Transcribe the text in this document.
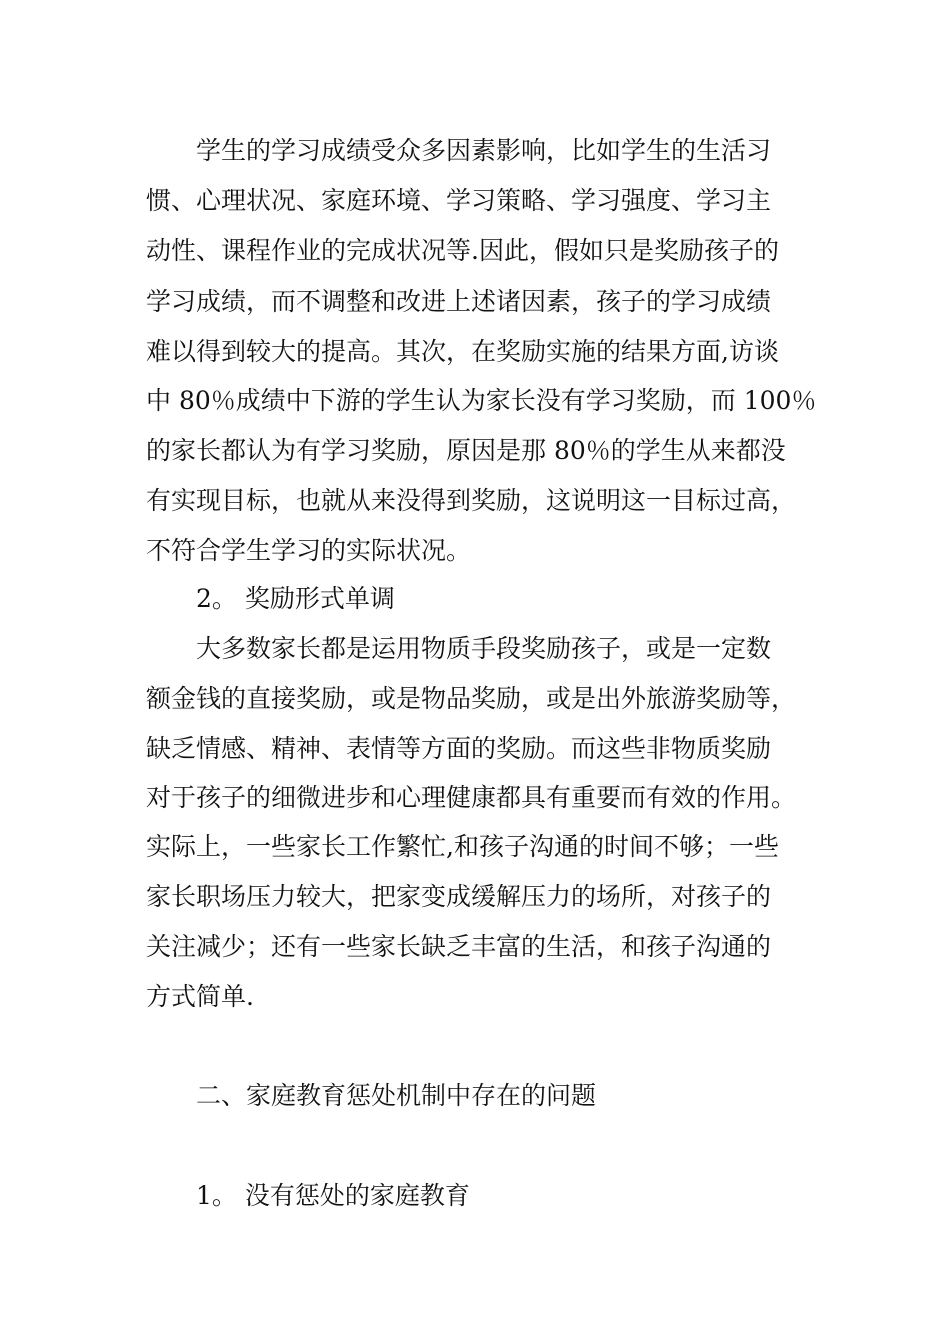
学生的学习成绩受众多因素影响，比如学生的生活习
惯、心理状况、家庭环境、学习策略、学习强度、学习主
动性、课程作业的完成状况等.因此，假如只是奖励孩子的
学习成绩，而不调整和改进上述诸因素，孩子的学习成绩
难以得到较大的提高。其次，在奖励实施的结果方面,访谈
中 80％成绩中下游的学生认为家长没有学习奖励，而 100％
的家长都认为有学习奖励，原因是那 80％的学生从来都没
有实现目标，也就从来没得到奖励，这说明这一目标过高，
不符合学生学习的实际状况。
2。 奖励形式单调
大多数家长都是运用物质手段奖励孩子，或是一定数
额金钱的直接奖励，或是物品奖励，或是出外旅游奖励等，
缺乏情感、精神、表情等方面的奖励。而这些非物质奖励
对于孩子的细微进步和心理健康都具有重要而有效的作用。
实际上，一些家长工作繁忙,和孩子沟通的时间不够；一些
家长职场压力较大，把家变成缓解压力的场所，对孩子的
关注减少；还有一些家长缺乏丰富的生活，和孩子沟通的
方式简单.
二、家庭教育惩处机制中存在的问题
1。 没有惩处的家庭教育
